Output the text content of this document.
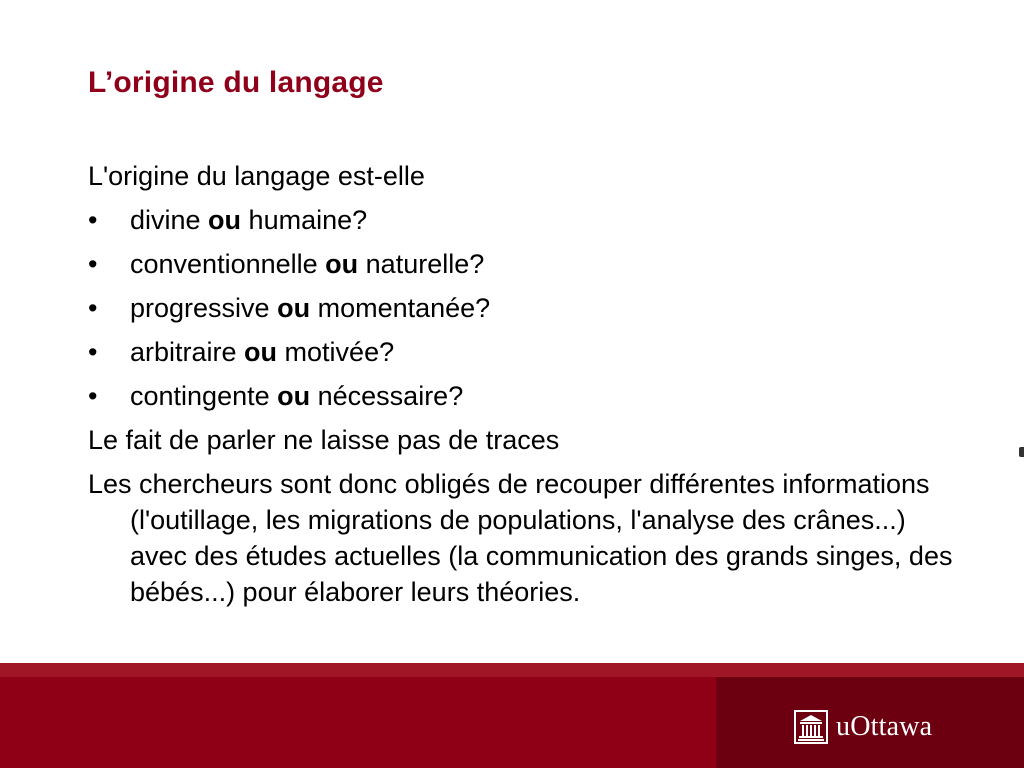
L’origine du langage

L'origine du langage est-elle

•	divine ou humaine?
•	conventionnelle ou naturelle?
•	progressive ou momentanée?
•	arbitraire ou motivée?
•	contingente ou nécessaire?

Le fait de parler ne laisse pas de traces

Les chercheurs sont donc obligés de recouper différentes informations (l'outillage, les migrations de populations, l'analyse des crânes...) avec des études actuelles (la communication des grands singes, des bébés...) pour élaborer leurs théories.

uOttawa
